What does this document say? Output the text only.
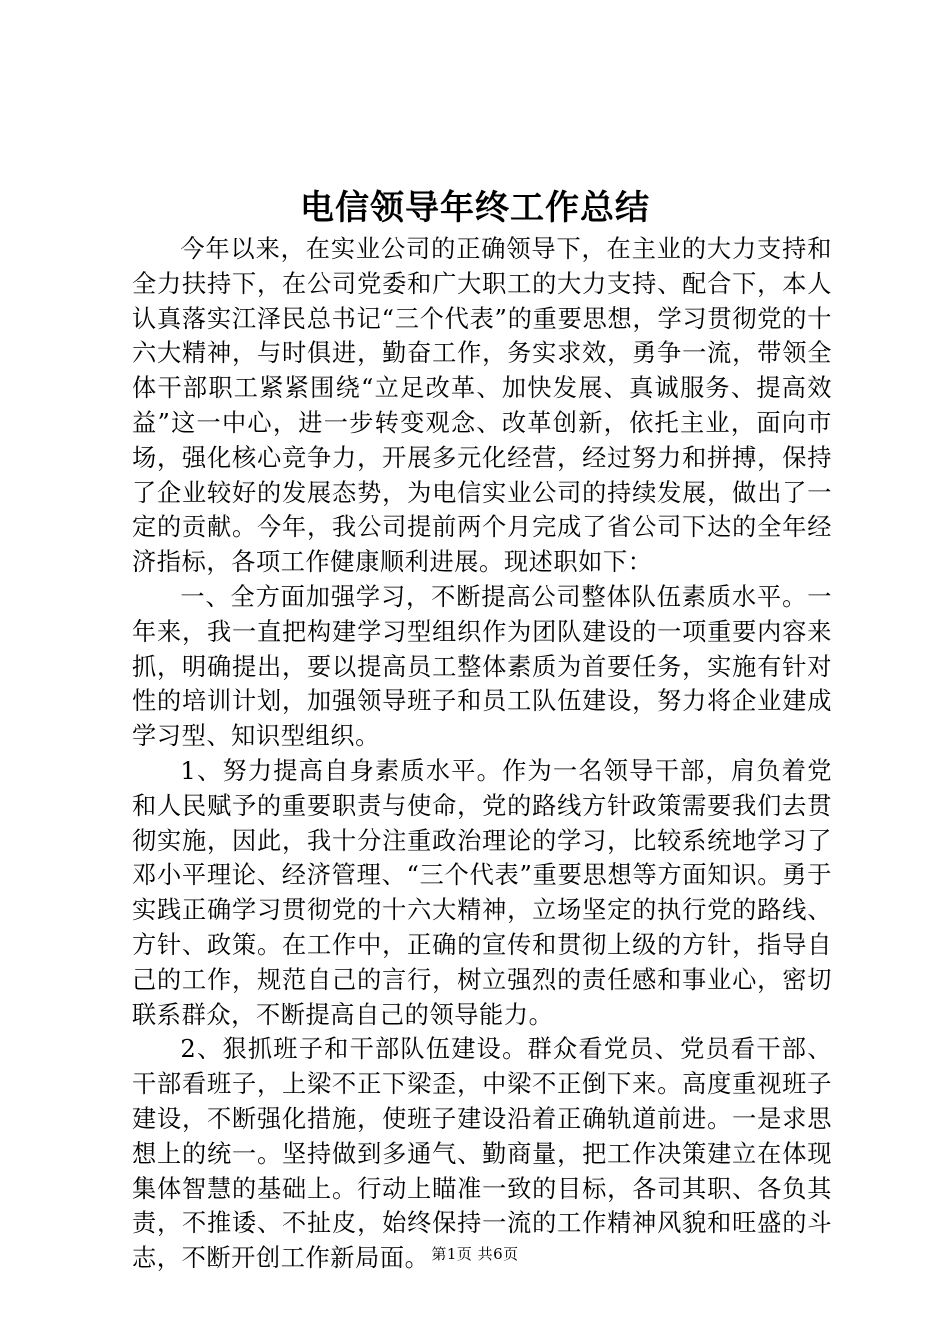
电信领导年终工作总结

今年以来，在实业公司的正确领导下，在主业的大力支持和全力扶持下，在公司党委和广大职工的大力支持、配合下，本人认真落实江泽民总书记“三个代表”的重要思想，学习贯彻党的十六大精神，与时俱进，勤奋工作，务实求效，勇争一流，带领全体干部职工紧紧围绕“立足改革、加快发展、真诚服务、提高效益”这一中心，进一步转变观念、改革创新，依托主业，面向市场，强化核心竞争力，开展多元化经营，经过努力和拼搏，保持了企业较好的发展态势，为电信实业公司的持续发展，做出了一定的贡献。今年，我公司提前两个月完成了省公司下达的全年经济指标，各项工作健康顺利进展。现述职如下：

一、全方面加强学习，不断提高公司整体队伍素质水平。一年来，我一直把构建学习型组织作为团队建设的一项重要内容来抓，明确提出，要以提高员工整体素质为首要任务，实施有针对性的培训计划，加强领导班子和员工队伍建设，努力将企业建成学习型、知识型组织。

1、努力提高自身素质水平。作为一名领导干部，肩负着党和人民赋予的重要职责与使命，党的路线方针政策需要我们去贯彻实施，因此，我十分注重政治理论的学习，比较系统地学习了邓小平理论、经济管理、“三个代表”重要思想等方面知识。勇于实践正确学习贯彻党的十六大精神，立场坚定的执行党的路线、方针、政策。在工作中，正确的宣传和贯彻上级的方针，指导自己的工作，规范自己的言行，树立强烈的责任感和事业心，密切联系群众，不断提高自己的领导能力。

2、狠抓班子和干部队伍建设。群众看党员、党员看干部、干部看班子，上梁不正下梁歪，中梁不正倒下来。高度重视班子建设，不断强化措施，使班子建设沿着正确轨道前进。一是求思想上的统一。坚持做到多通气、勤商量，把工作决策建立在体现集体智慧的基础上。行动上瞄准一致的目标，各司其职、各负其责，不推诿、不扯皮，始终保持一流的工作精神风貌和旺盛的斗志，不断开创工作新局面。 第1页 共6页
